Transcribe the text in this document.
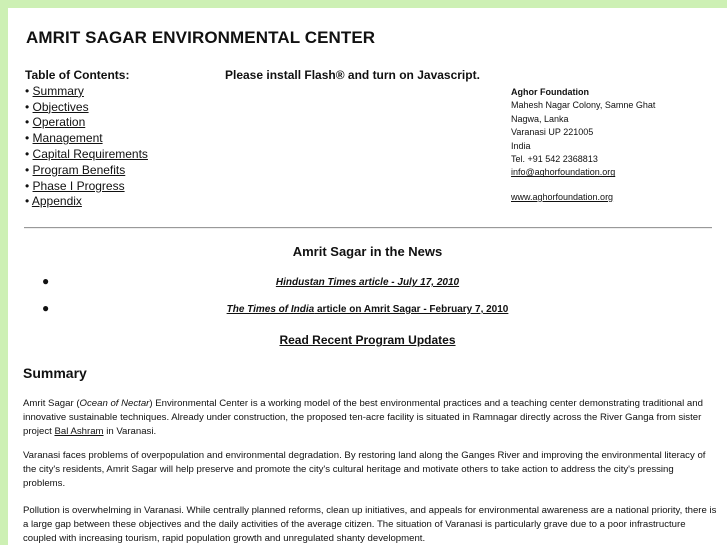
AMRIT SAGAR ENVIRONMENTAL CENTER
Table of Contents:
• Summary
• Objectives
• Operation
• Management
• Capital Requirements
• Program Benefits
• Phase I Progress
• Appendix
Please install Flash® and turn on Javascript.
Aghor Foundation
Mahesh Nagar Colony, Samne Ghat
Nagwa, Lanka
Varanasi UP 221005
India
Tel. +91 542 2368813
info@aghorfoundation.org
www.aghorfoundation.org
Amrit Sagar in the News
●	Hindustan Times article - July 17, 2010
●	The Times of India article on Amrit Sagar - February 7, 2010
Read Recent Program Updates
Summary

Amrit Sagar (Ocean of Nectar) Environmental Center is a working model of the best environmental practices and a teaching center demonstrating traditional and innovative sustainable techniques. Already under construction, the proposed ten-acre facility is situated in Ramnagar directly across the River Ganga from sister project Bal Ashram in Varanasi.

Varanasi faces problems of overpopulation and environmental degradation. By restoring land along the Ganges River and improving the environmental literacy of the city's residents, Amrit Sagar will help preserve and promote the city's cultural heritage and motivate others to take action to address the city's pressing problems.

Pollution is overwhelming in Varanasi. While centrally planned reforms, clean up initiatives, and appeals for environmental awareness are a national priority, there is a large gap between these objectives and the daily activities of the average citizen. The situation of Varanasi is particularly grave due to a poor infrastructure coupled with increasing tourism, rapid population growth and unregulated shanty development.
